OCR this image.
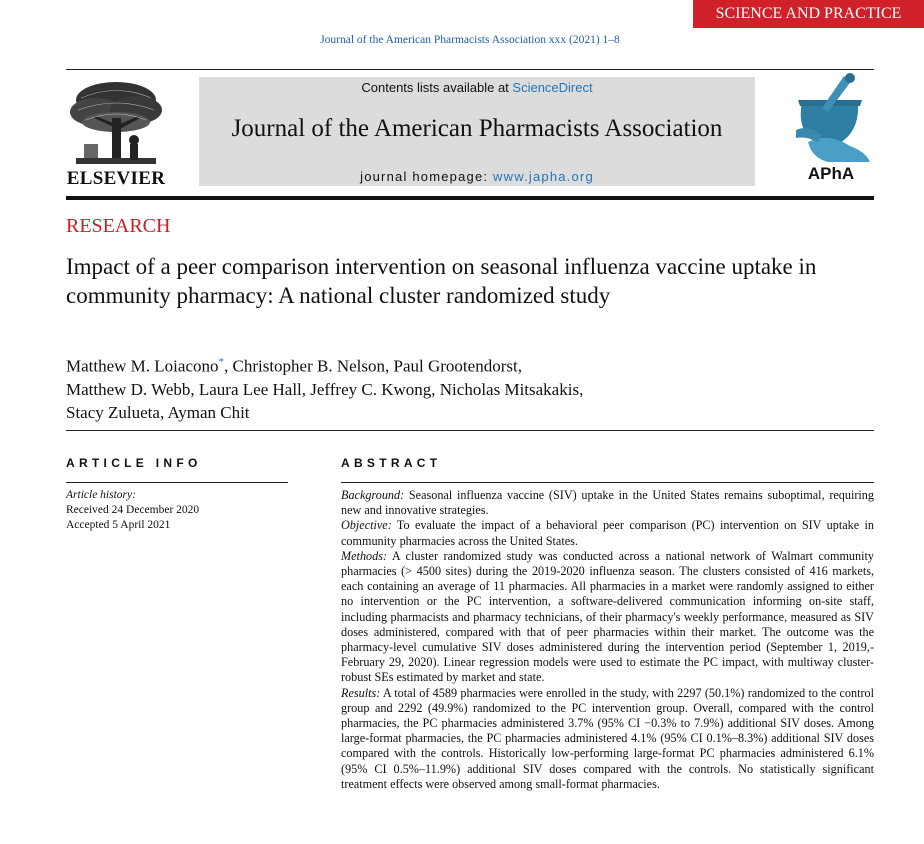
SCIENCE AND PRACTICE
Journal of the American Pharmacists Association xxx (2021) 1–8
ELSEVIER
Contents lists available at ScienceDirect
Journal of the American Pharmacists Association
journal homepage: www.japha.org	APhA
RESEARCH
Impact of a peer comparison intervention on seasonal influenza vaccine uptake in community pharmacy: A national cluster randomized study
Matthew M. Loiacono*, Christopher B. Nelson, Paul Grootendorst,
Matthew D. Webb, Laura Lee Hall, Jeffrey C. Kwong, Nicholas Mitsakakis,
Stacy Zulueta, Ayman Chit
ARTICLE INFO
Article history:
Received 24 December 2020
Accepted 5 April 2021
ABSTRACT

Background: Seasonal influenza vaccine (SIV) uptake in the United States remains suboptimal, requiring new and innovative strategies.

Objective: To evaluate the impact of a behavioral peer comparison (PC) intervention on SIV uptake in community pharmacies across the United States.

Methods: A cluster randomized study was conducted across a national network of Walmart community pharmacies (> 4500 sites) during the 2019-2020 influenza season. The clusters consisted of 416 markets, each containing an average of 11 pharmacies. All pharmacies in a market were randomly assigned to either no intervention or the PC intervention, a software-delivered communication informing on-site staff, including pharmacists and pharmacy technicians, of their pharmacy's weekly performance, measured as SIV doses administered, compared with that of peer pharmacies within their market. The outcome was the pharmacy-level cumulative SIV doses administered during the intervention period (September 1, 2019,-February 29, 2020). Linear regression models were used to estimate the PC impact, with multiway cluster-robust SEs estimated by market and state.

Results: A total of 4589 pharmacies were enrolled in the study, with 2297 (50.1%) randomized to the control group and 2292 (49.9%) randomized to the PC intervention group. Overall, compared with the control pharmacies, the PC pharmacies administered 3.7% (95% CI −0.3% to 7.9%) additional SIV doses. Among large-format pharmacies, the PC pharmacies administered 4.1% (95% CI 0.1%–8.3%) additional SIV doses compared with the controls. Historically low-performing large-format PC pharmacies administered 6.1% (95% CI 0.5%–11.9%) additional SIV doses compared with the controls. No statistically significant treatment effects were observed among small-format pharmacies.
